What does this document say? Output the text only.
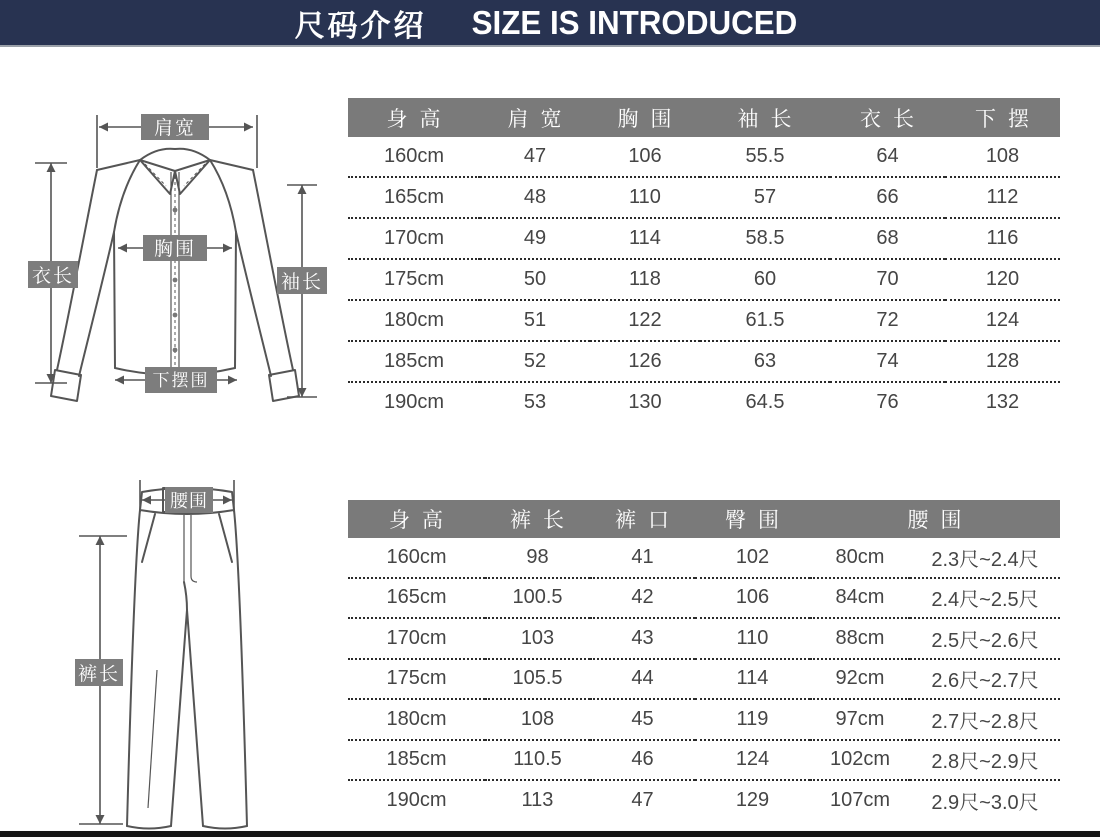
尺码介绍 SIZE IS INTRODUCED
肩宽
胸围
衣长	袖长
下摆围
身高	肩宽	胸围	袖长	衣长	下摆
160cm	47	106	55.5	64	108
165cm	48	110	57	66	112
170cm	49	114	58.5	68	116
175cm	50	118	60	70	120
180cm	51	122	61.5	72	124
185cm	52	126	63	74	128
190cm	53	130	64.5	76	132
腰围
裤长
身高	裤长	裤口	臀围	腰围	
160cm	98	41	102	80cm	2.3尺~2.4尺
165cm	100.5	42	106	84cm	2.4尺~2.5尺
170cm	103	43	110	88cm	2.5尺~2.6尺
175cm	105.5	44	114	92cm	2.6尺~2.7尺
180cm	108	45	119	97cm	2.7尺~2.8尺
185cm	110.5	46	124	102cm	2.8尺~2.9尺
190cm	113	47	129	107cm	2.9尺~3.0尺
